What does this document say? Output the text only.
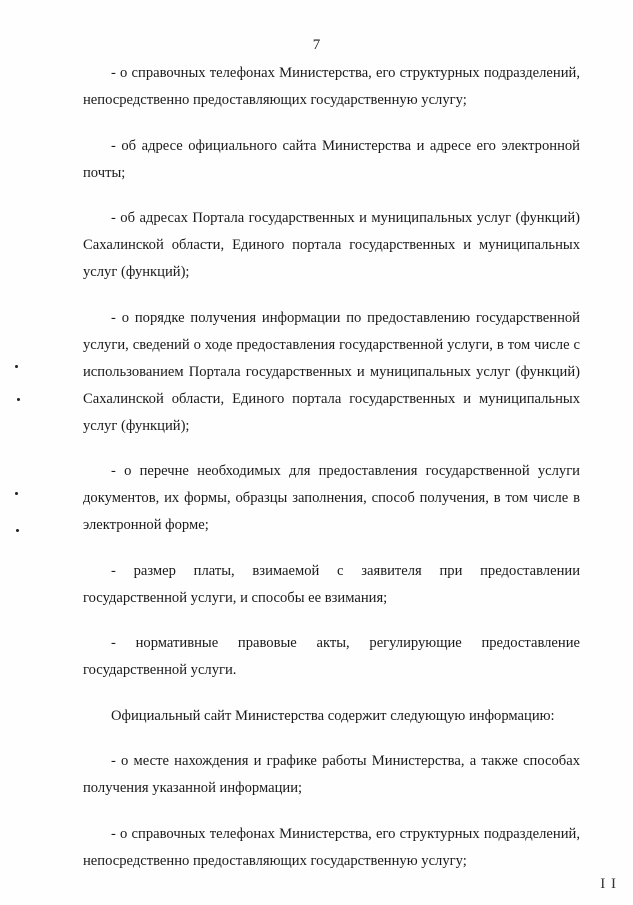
7

- о справочных телефонах Министерства, его структурных подразделений, непосредственно предоставляющих государственную услугу;

- об адресе официального сайта Министерства и адресе его электронной почты;

- об адресах Портала государственных и муниципальных услуг (функций) Сахалинской области, Единого портала государственных и муниципальных услуг (функций);

- о порядке получения информации по предоставлению государственной услуги, сведений о ходе предоставления государственной услуги, в том числе с использованием Портала государственных и муниципальных услуг (функций) Сахалинской области, Единого портала государственных и муниципальных услуг (функций);

- о перечне необходимых для предоставления государственной услуги документов, их формы, образцы заполнения, способ получения, в том числе в электронной форме;

- размер платы, взимаемой с заявителя при предоставлении государственной услуги, и способы ее взимания;

- нормативные правовые акты, регулирующие предоставление государственной услуги.

Официальный сайт Министерства содержит следующую информацию:

- о месте нахождения и графике работы Министерства, а также способах получения указанной информации;

- о справочных телефонах Министерства, его структурных подразделений, непосредственно предоставляющих государственную услугу;

I I
